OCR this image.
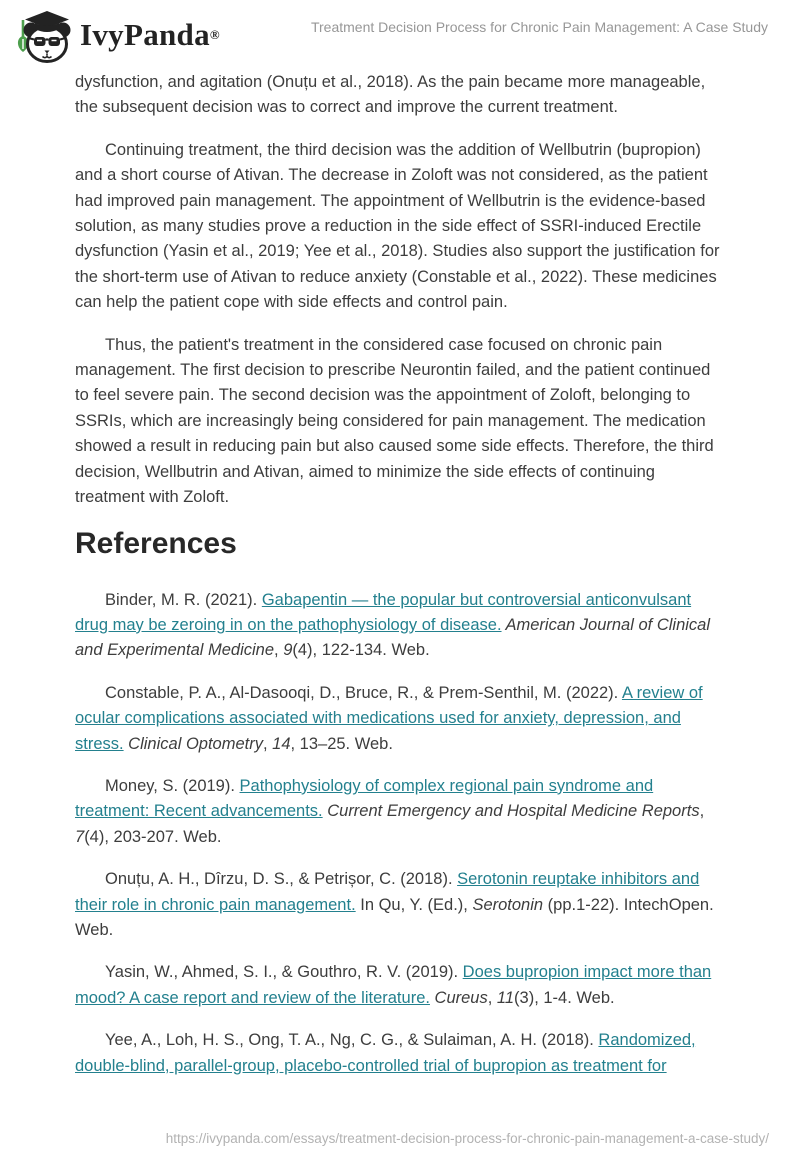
IvyPanda ®	Treatment Decision Process for Chronic Pain Management: A Case Study

dysfunction, and agitation (Onuțu et al., 2018). As the pain became more manageable, the subsequent decision was to correct and improve the current treatment.

Continuing treatment, the third decision was the addition of Wellbutrin (bupropion) and a short course of Ativan. The decrease in Zoloft was not considered, as the patient had improved pain management. The appointment of Wellbutrin is the evidence-based solution, as many studies prove a reduction in the side effect of SSRI-induced Erectile dysfunction (Yasin et al., 2019; Yee et al., 2018). Studies also support the justification for the short-term use of Ativan to reduce anxiety (Constable et al., 2022). These medicines can help the patient cope with side effects and control pain.

Thus, the patient's treatment in the considered case focused on chronic pain management. The first decision to prescribe Neurontin failed, and the patient continued to feel severe pain. The second decision was the appointment of Zoloft, belonging to SSRIs, which are increasingly being considered for pain management. The medication showed a result in reducing pain but also caused some side effects. Therefore, the third decision, Wellbutrin and Ativan, aimed to minimize the side effects of continuing treatment with Zoloft.

References

Binder, M. R. (2021). Gabapentin — the popular but controversial anticonvulsant drug may be zeroing in on the pathophysiology of disease. American Journal of Clinical and Experimental Medicine, 9(4), 122-134. Web.

Constable, P. A., Al-Dasooqi, D., Bruce, R., & Prem-Senthil, M. (2022). A review of ocular complications associated with medications used for anxiety, depression, and stress. Clinical Optometry, 14, 13–25. Web.

Money, S. (2019). Pathophysiology of complex regional pain syndrome and treatment: Recent advancements. Current Emergency and Hospital Medicine Reports, 7(4), 203-207. Web.

Onuțu, A. H., Dîrzu, D. S., & Petrișor, C. (2018). Serotonin reuptake inhibitors and their role in chronic pain management. In Qu, Y. (Ed.), Serotonin (pp.1-22). IntechOpen. Web.

Yasin, W., Ahmed, S. I., & Gouthro, R. V. (2019). Does bupropion impact more than mood? A case report and review of the literature. Cureus, 11(3), 1-4. Web.

Yee, A., Loh, H. S., Ong, T. A., Ng, C. G., & Sulaiman, A. H. (2018). Randomized, double-blind, parallel-group, placebo-controlled trial of bupropion as treatment for

https://ivypanda.com/essays/treatment-decision-process-for-chronic-pain-management-a-case-study/
